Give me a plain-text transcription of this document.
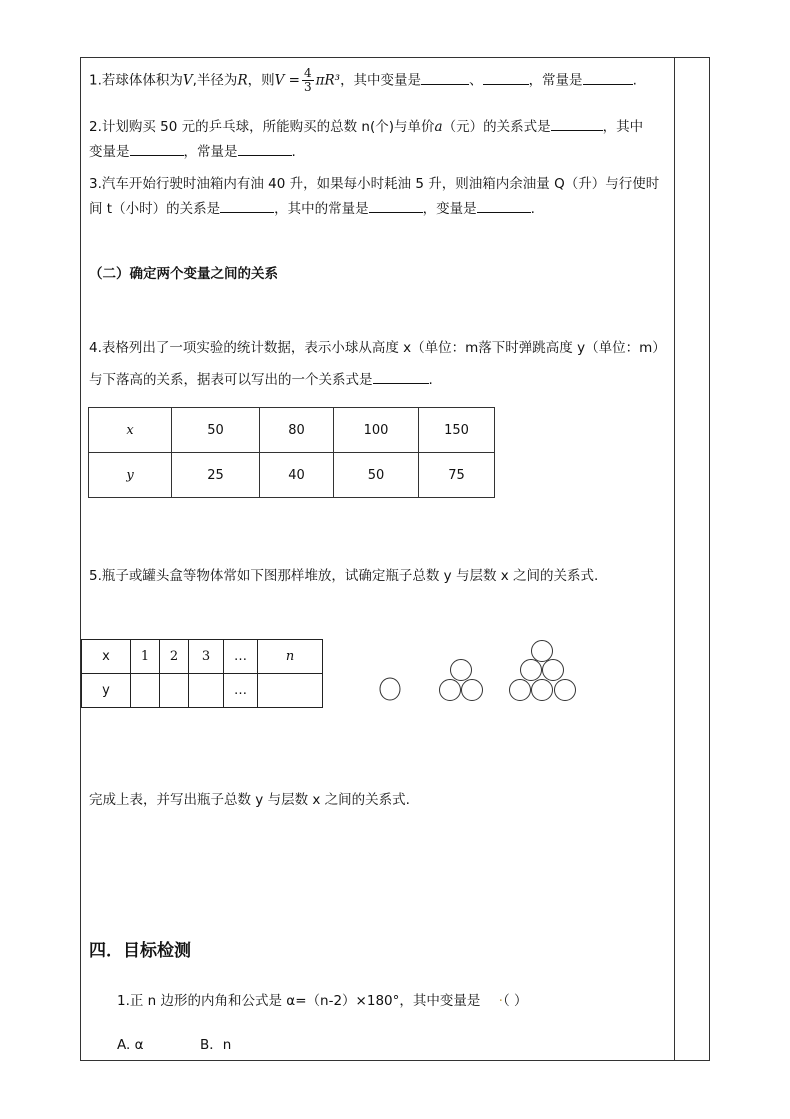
1.若球体体积为V,半径为R，则$V = \frac{4}{3} \pi R^3$，其中变量是	、	，常量是	.
2.计划购买 50 元的乒乓球，所能购买的总数 n(个)与单价a（元）的关系式是	，其中
变量是	，常量是	.
3.汽车开始行驶时油箱内有油 40 升，如果每小时耗油 5 升，则油箱内余油量 Q（升）与行使时
间 t（小时）的关系是	，其中的常量是	，变量是	.
（二）确定两个变量之间的关系
4.表格列出了一项实验的统计数据，表示小球从高度 x（单位：m落下时弹跳高度 y（单位：m）
与下落高的关系，据表可以写出的一个关系式是	.
x	50	80	100	150
y	25	40	50	75
5.瓶子或罐头盒等物体常如下图那样堆放，试确定瓶子总数 y 与层数 x 之间的关系式.
x	1	2	3	…	n
y				…	
完成上表，并写出瓶子总数 y 与层数 x 之间的关系式.
四．目标检测
1.正 n 边形的内角和公式是 α=（n-2）×180°，其中变量是 ·（ ）
A. α	B．n
